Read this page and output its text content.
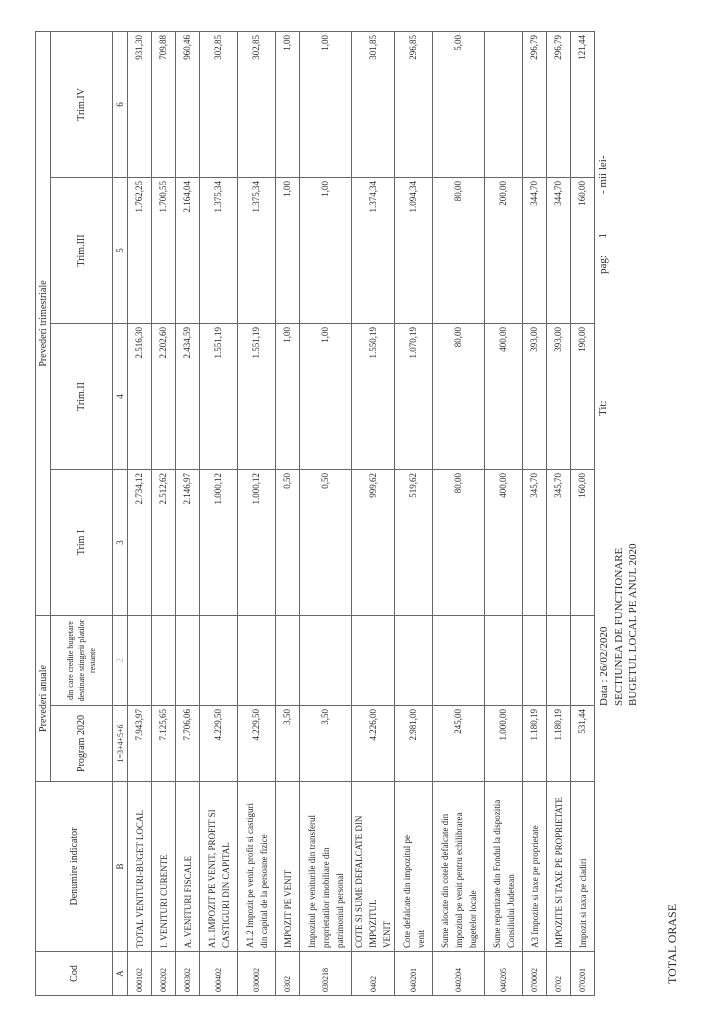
TOTAL ORASE
BUGETUL LOCAL PE ANUL 2020
SECTIUNEA DE FUNCTIONARE
Data : 26/02/2020
Tit:
pag:      1
- mii lei-
Cod	Denumire indicator	Prevederi anuale		Prevederi trimestriale			
		Program 2020	din care credite bugetare destinate stingerii platilor restante	Trim I	Trim.II	Trim.III	Trim.IV

A	B	1=3+4+5+6	2	3	4	5	6
000102	TOTAL VENITURI-BUGET LOCAL	7.943,97		2.734,12	2.516,30	1.762,25	931,30
000202	I. VENITURI CURENTE	7.125,65		2.512,62	2.202,60	1.700,55	709,88
000302	A. VENITURI FISCALE	7.706,06		2.146,97	2.434,59	2.164,04	960,46
000402	A1. IMPOZIT PE VENIT, PROFIT SI CASTIGURI DIN CAPITAL	4.229,50		1.000,12	1.551,19	1.375,34	302,85
030002	A1.2 Impozit pe venit, profit si castiguri din capital de la persoane fizice	4.229,50		1.000,12	1.551,19	1.375,34	302,85
0302	IMPOZIT PE VENIT	3,50		0,50	1,00	1,00	1,00
030218	Impozitul pe veniturile din transferul proprietatilor imobiliare din patrimoniul personal	3,50		0,50	1,00	1,00	1,00
0402	COTE SI SUME DEFALCATE DIN IMPOZITUL VENIT	4.226,00		999,62	1.550,19	1.374,34	301,85
040201	Cote defalcate din impozitul pe venit	2.981,00		519,62	1.070,19	1.094,34	296,85
040204	Sume alocate din cotele defalcate din impozitul pe venit pentru echilibrarea bugetelor locale	245,00		80,00	80,00	80,00	5,00
040205	Sume repartizate din Fondul la dispozitia Consiliului Judetean	1.000,00		400,00	400,00	200,00	
070002	A3 Impozite si taxe pe proprietate	1.180,19		345,70	393,00	344,70	296,79
0702	IMPOZITE SI TAXE PE PROPRIETATE	1.180,19		345,70	393,00	344,70	296,79
070201	Impozit si taxa pe cladiri	531,44		160,00	190,00	160,00	121,44
